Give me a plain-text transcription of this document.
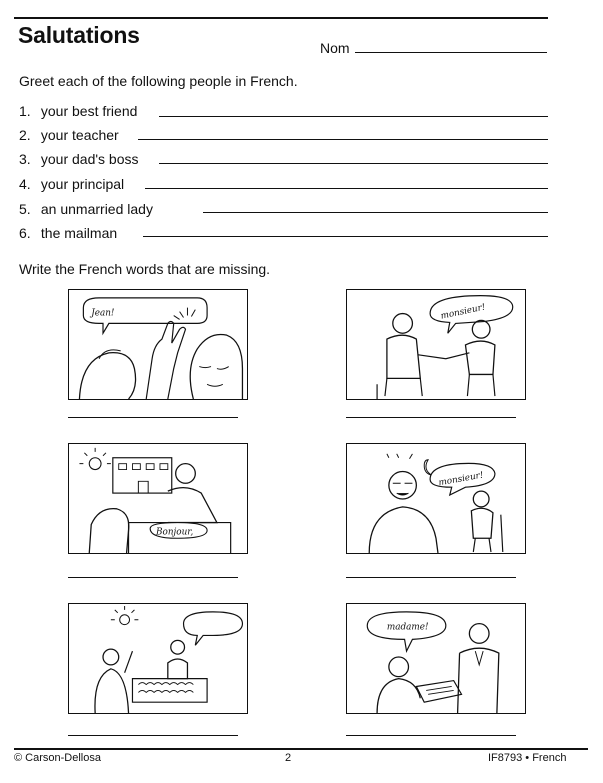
Salutations	Nom
Greet each of the following people in French.
1. your best friend
2. your teacher
3. your dad's boss
4. your principal
5. an unmarried lady
6. the mailman
Write the French words that are missing.
Jean!	monsieur!
Bonjour,
monsieur!
madame!
© Carson-Dellosa	2	IF8793 • French
